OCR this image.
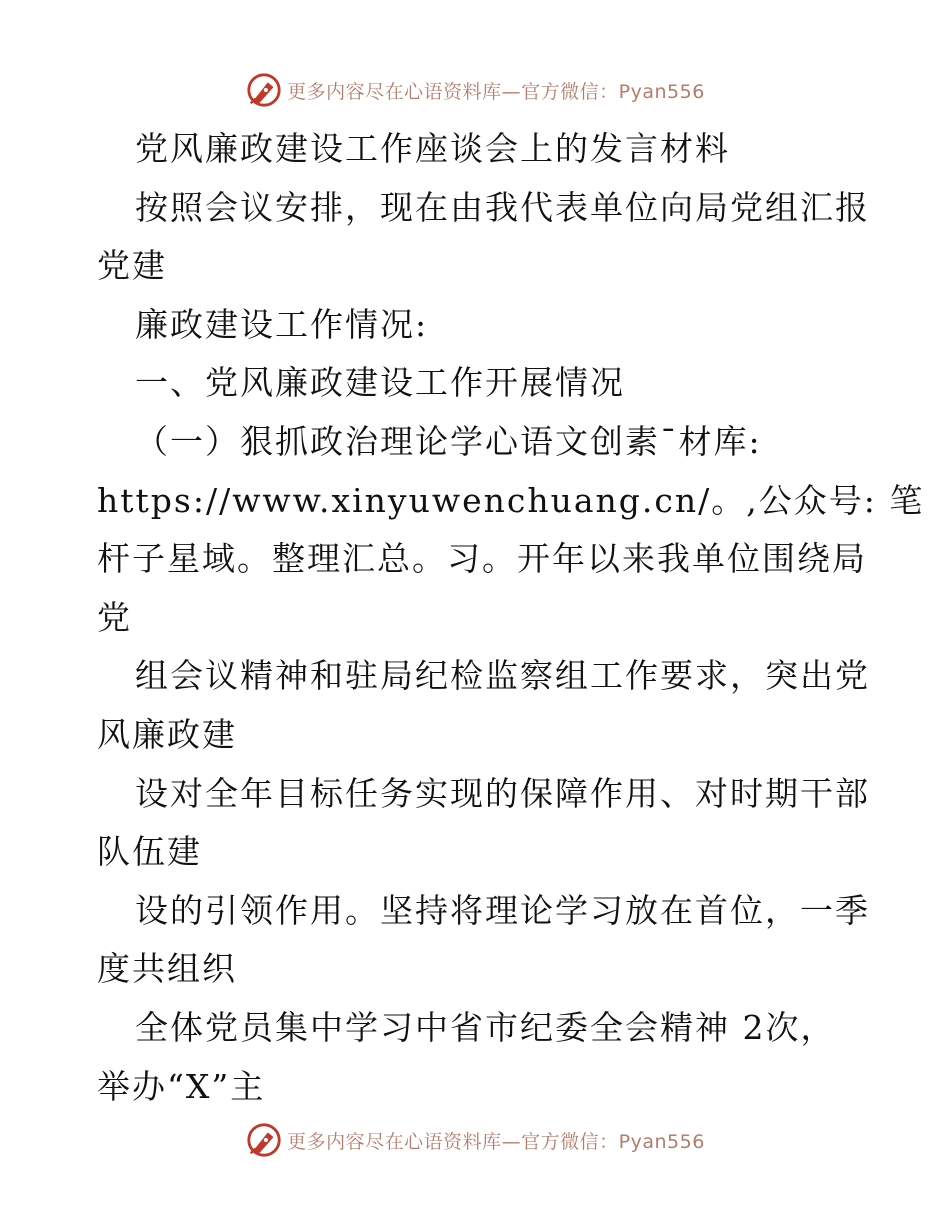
更多内容尽在心语资料库—官方微信：Pyan556
党风廉政建设工作座谈会上的发言材料
按照会议安排，现在由我代表单位向局党组汇报
党建
廉政建设工作情况:
一、党风廉政建设工作开展情况
（一）狠抓政治理论学心语文创素¯材库:
https://www.xinyuwenchuang.cn/。,公众号: 笔
杆子星域。整理汇总。习。开年以来我单位围绕局
党
组会议精神和驻局纪检监察组工作要求，突出党
风廉政建
设对全年目标任务实现的保障作用、对时期干部
队伍建
设的引领作用。坚持将理论学习放在首位，一季
度共组织
全体党员集中学习中省市纪委全会精神 2次，
举办“X”主
更多内容尽在心语资料库—官方微信：Pyan556
